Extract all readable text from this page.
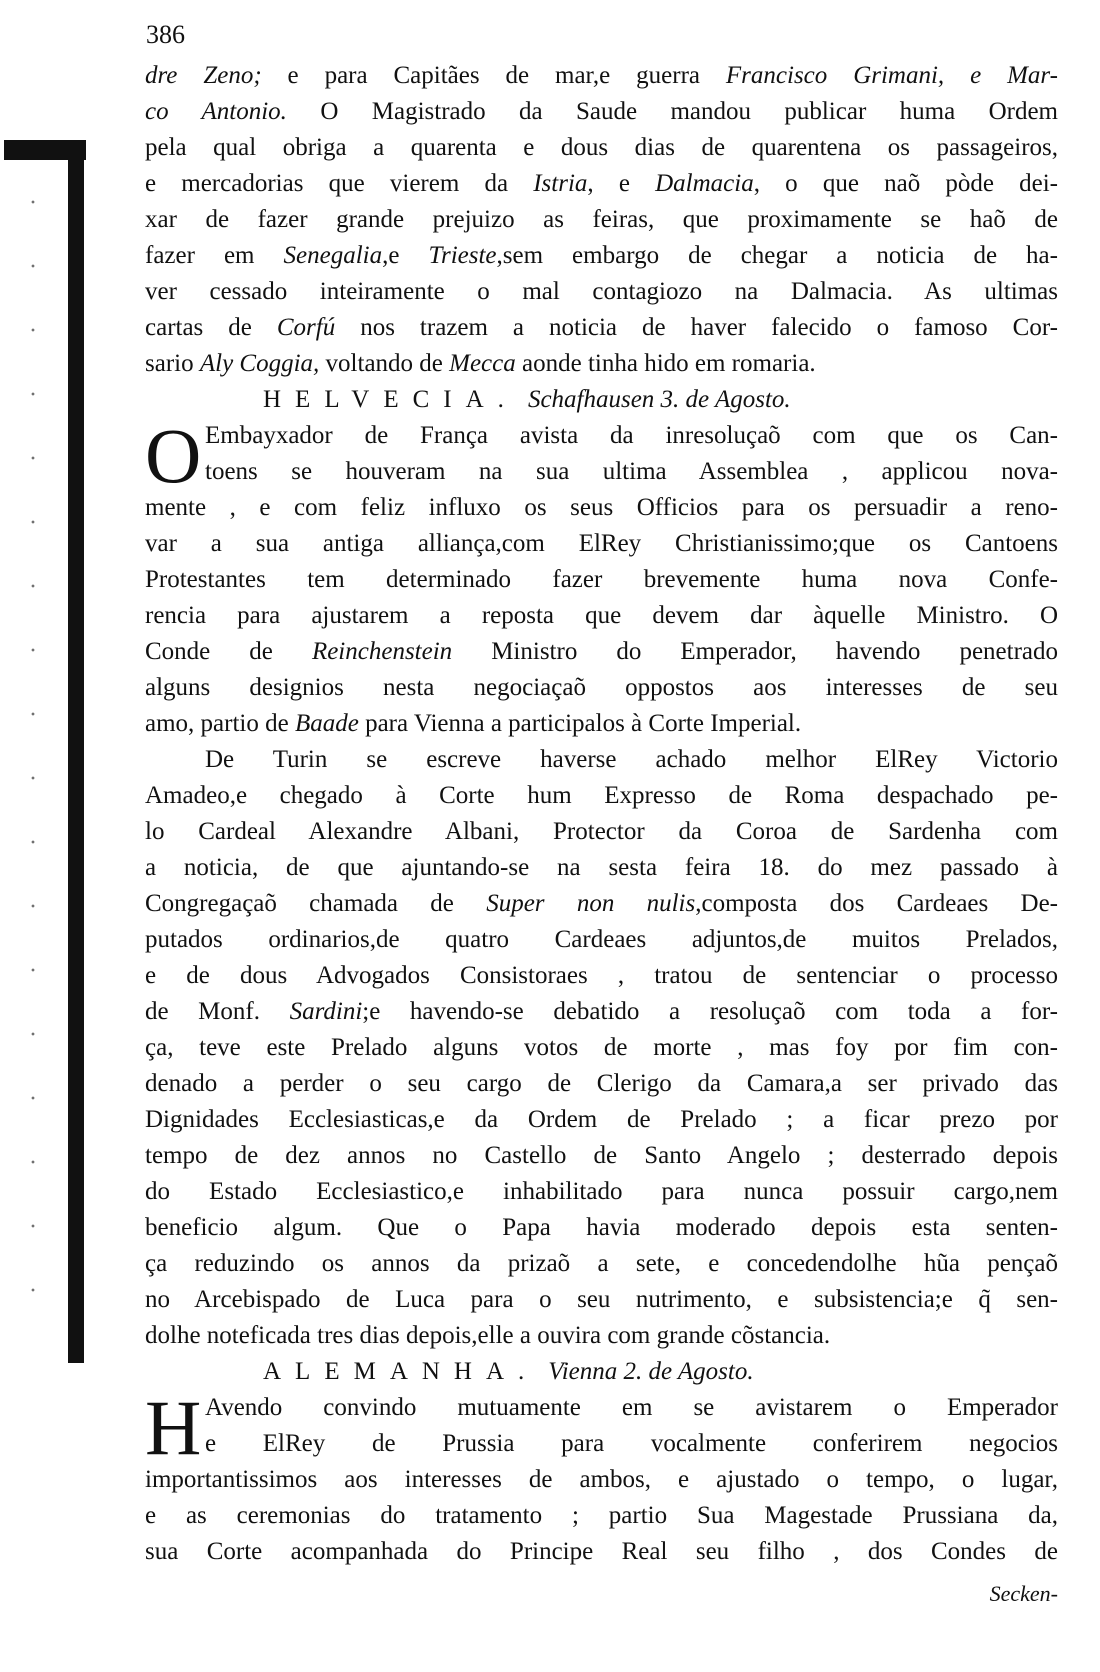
386
dre Zeno; e para Capitães de mar,e guerra Francisco Grimani, e Mar-
co Antonio. O Magistrado da Saude mandou publicar huma Ordem
pela qual obriga a quarenta e dous dias de quarentena os passageiros,
e mercadorias que vierem da Istria, e Dalmacia, o que naõ pòde dei-
xar de fazer grande prejuizo as feiras, que proximamente se haõ de
fazer em Senegalia,e Trieste,sem embargo de chegar a noticia de ha-
ver cessado inteiramente o mal contagiozo na Dalmacia. As ultimas
cartas de Corfú nos trazem a noticia de haver falecido o famoso Cor-
sario Aly Coggia, voltando de Mecca aonde tinha hido em romaria.
HELVECIA. Schafhausen 3. de Agosto.
O Embayxador de França avista da inresoluçaõ com que os Can-
toens se houveram na sua ultima Assemblea , applicou nova-
mente , e com feliz influxo os seus Officios para os persuadir a reno-
var a sua antiga alliança,com ElRey Christianissimo;que os Cantoens
Protestantes tem determinado fazer brevemente huma nova Confe-
rencia para ajustarem a reposta que devem dar àquelle Ministro. O
Conde de Reinchenstein Ministro do Emperador, havendo penetrado
alguns designios nesta negociaçaõ oppostos aos interesses de seu
amo, partio de Baade para Vienna a participalos à Corte Imperial.
De Turin se escreve haverse achado melhor ElRey Victorio
Amadeo,e chegado à Corte hum Expresso de Roma despachado pe-
lo Cardeal Alexandre Albani, Protector da Coroa de Sardenha com
a noticia, de que ajuntando-se na sesta feira 18. do mez passado à
Congregaçaõ chamada de Super non nulis,composta dos Cardeaes De-
putados ordinarios,de quatro Cardeaes adjuntos,de muitos Prelados,
e de dous Advogados Consistoraes , tratou de sentenciar o processo
de Monf. Sardini;e havendo-se debatido a resoluçaõ com toda a for-
ça, teve este Prelado alguns votos de morte , mas foy por fim con-
denado a perder o seu cargo de Clerigo da Camara,a ser privado das
Dignidades Ecclesiasticas,e da Ordem de Prelado ; a ficar prezo por
tempo de dez annos no Castello de Santo Angelo ; desterrado depois
do Estado Ecclesiastico,e inhabilitado para nunca possuir cargo,nem
beneficio algum. Que o Papa havia moderado depois esta senten-
ça reduzindo os annos da prizaõ a sete, e concedendolhe hũa pençaõ
no Arcebispado de Luca para o seu nutrimento, e subsistencia;e q̃ sen-
dolhe noteficada tres dias depois,elle a ouvira com grande cõstancia.
ALEMANHA. Vienna 2. de Agosto.
H Avendo convindo mutuamente em se avistarem o Emperador
e ElRey de Prussia para vocalmente conferirem negocios
importantissimos aos interesses de ambos, e ajustado o tempo, o lugar,
e as ceremonias do tratamento ; partio Sua Magestade Prussiana da,
sua Corte acompanhada do Principe Real seu filho , dos Condes de
Secken-
